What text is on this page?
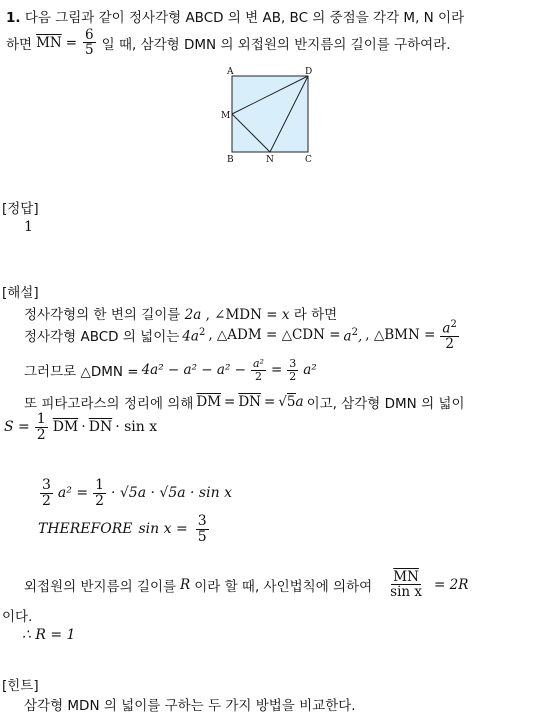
1. 다음 그림과 같이 정사각형 ABCD 의 변 AB, BC 의 중점을 각각 M, N 이라
하면 $\overline{MN} = \frac{6}{5}$ 일 때, 삼각형 DMN 의 외접원의 반지름의 길이를 구하여라.
A	D
M
B	N	C
[정답]
1
[해설]
정사각형의 한 변의 길이를 2a , ∠MDN = x 라 하면
정사각형 ABCD 의 넓이는 $4a^2$ , △ADM = △CDN = $a^2$, , △BMN = $\frac{a^2}{2}$
그러므로 △DMN = $4a^2 - a^2 - a^2 - \frac{\text{a²}}{2} = \frac{3}{2} a^2$
또 피타고라스의 정리에 의해 $\overline{DM} = \overline{DN} = √5a$ 이고, 삼각형 DMN 의 넓이
$S = \frac{1}{2} \overline{DM} \cdot \overline{DN} \cdot \sin x$
$\frac{3}{2} a^2 = \frac{1}{2} \cdot √5a \cdot √5a \cdot \sin x$
THEREFORE $\sin x = \frac{3}{5}$
외접원의 반지름의 길이를 R 이라 할 때, 사인법칙에 의하여 $\frac{\overline{MN}}{\text{sin x}} = 2R$
이다.
∴ R = 1
[힌트]
삼각형 MDN 의 넓이를 구하는 두 가지 방법을 비교한다.
